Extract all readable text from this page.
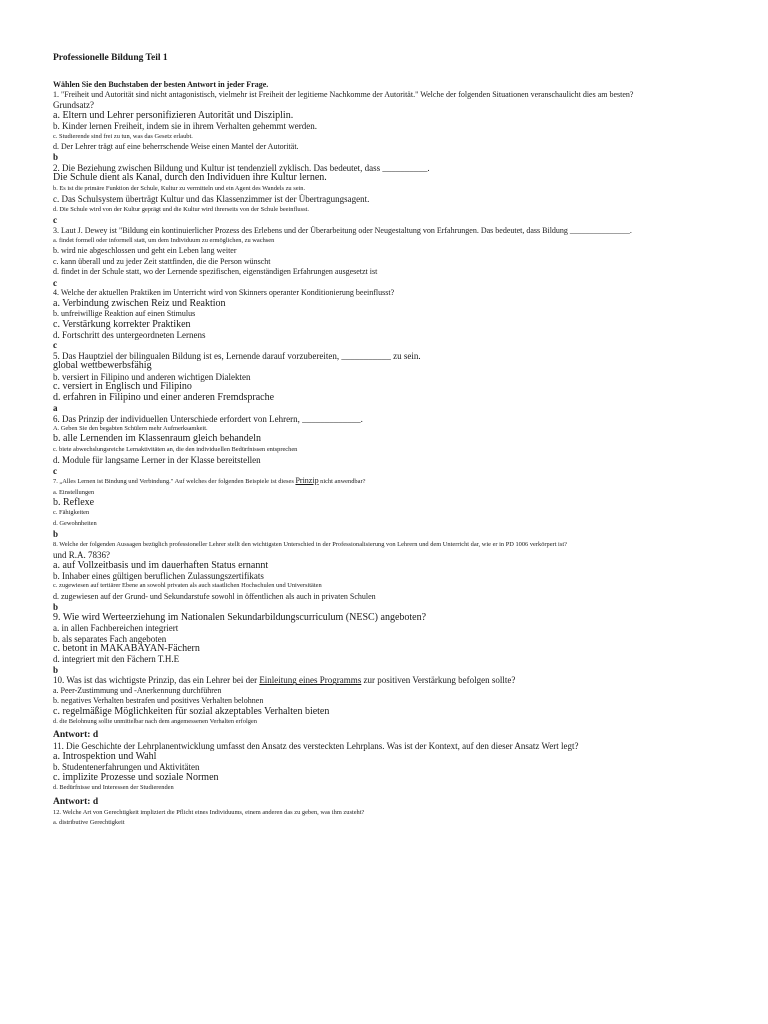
Professionelle Bildung Teil 1
Wählen Sie den Buchstaben der besten Antwort in jeder Frage.
1. "Freiheit und Autorität sind nicht antagonistisch, vielmehr ist Freiheit der legitieme Nachkomme der Autorität." Welche der folgenden Situationen veranschaulicht dies am besten?
Grundsatz?
a. Eltern und Lehrer personifizieren Autorität und Disziplin.
b. Kinder lernen Freiheit, indem sie in ihrem Verhalten gehemmt werden.
c. Studierende sind frei zu tun, was das Gesetz erlaubt.
d. Der Lehrer trägt auf eine beherrschende Weise einen Mantel der Autorität.
b
2. Die Beziehung zwischen Bildung und Kultur ist tendenziell zyklisch. Das bedeutet, dass __________.
Die Schule dient als Kanal, durch den Individuen ihre Kultur lernen.
b. Es ist die primäre Funktion der Schule, Kultur zu vermitteln und ein Agent des Wandels zu sein.
c. Das Schulsystem überträgt Kultur und das Klassenzimmer ist der Übertragungsagent.
d. Die Schule wird von der Kultur geprägt und die Kultur wird ihrerseits von der Schule beeinflusst.
c
3. Laut J. Dewey ist "Bildung ein kontinuierlicher Prozess des Erlebens und der Überarbeitung oder Neugestaltung von Erfahrungen. Das bedeutet, dass Bildung _______________.
a. findet formell oder informell statt, um dem Individuum zu ermöglichen, zu wachsen
b. wird nie abgeschlossen und geht ein Leben lang weiter
c. kann überall und zu jeder Zeit stattfinden, die die Person wünscht
d. findet in der Schule statt, wo der Lernende spezifischen, eigenständigen Erfahrungen ausgesetzt ist
c
4. Welche der aktuellen Praktiken im Unterricht wird von Skinners operanter Konditionierung beeinflusst?
a. Verbindung zwischen Reiz und Reaktion
b. unfreiwillige Reaktion auf einen Stimulus
c. Verstärkung korrekter Praktiken
d. Fortschritt des untergeordneten Lernens
c
5. Das Hauptziel der bilingualen Bildung ist es, Lernende darauf vorzubereiten, ___________ zu sein.
global wettbewerbsfähig
b. versiert in Filipino und anderen wichtigen Dialekten
c. versiert in Englisch und Filipino
d. erfahren in Filipino und einer anderen Fremdsprache
a
6. Das Prinzip der individuellen Unterschiede erfordert von Lehrern, _____________.
A. Geben Sie den begabten Schülern mehr Aufmerksamkeit.
b. alle Lernenden im Klassenraum gleich behandeln
c. biete abwechslungsreiche Lernaktivitäten an, die den individuellen Bedürfnissen entsprechen
d. Module für langsame Lerner in der Klasse bereitstellen
c
7. „Alles Lernen ist Bindung und Verbindung." Auf welches der folgenden Beispiele ist dieses Prinzip nicht anwendbar?
a. Einstellungen
b. Reflexe
c. Fähigkeiten
d. Gewohnheiten
b
8. Welche der folgenden Aussagen bezüglich professioneller Lehrer stellt den wichtigsten Unterschied in der Professionalisierung von Lehrern und dem Unterricht dar, wie er in PD 1006 verkörpert ist?
und R.A. 7836?
a. auf Vollzeitbasis und im dauerhaften Status ernannt
b. Inhaber eines gültigen beruflichen Zulassungszertifikats
c. zugewiesen auf tertiärer Ebene an sowohl privaten als auch staatlichen Hochschulen und Universitäten
d. zugewiesen auf der Grund- und Sekundarstufe sowohl in öffentlichen als auch in privaten Schulen
b
9. Wie wird Werteerziehung im Nationalen Sekundarbildungscurriculum (NESC) angeboten?
a. in allen Fachbereichen integriert
b. als separates Fach angeboten
c. betont in MAKABAYAN-Fächern
d. integriert mit den Fächern T.H.E
b
10. Was ist das wichtigste Prinzip, das ein Lehrer bei der Einleitung eines Programms zur positiven Verstärkung befolgen sollte?
a. Peer-Zustimmung und -Anerkennung durchführen
b. negatives Verhalten bestrafen und positives Verhalten belohnen
c. regelmäßige Möglichkeiten für sozial akzeptables Verhalten bieten
d. die Belohnung sollte unmittelbar nach dem angemessenen Verhalten erfolgen
Antwort: d
11. Die Geschichte der Lehrplanentwicklung umfasst den Ansatz des versteckten Lehrplans. Was ist der Kontext, auf den dieser Ansatz Wert legt?
a. Introspektion und Wahl
b. Studentenerfahrungen und Aktivitäten
c. implizite Prozesse und soziale Normen
d. Bedürfnisse und Interessen der Studierenden
Antwort: d
12. Welche Art von Gerechtigkeit impliziert die Pflicht eines Individuums, einem anderen das zu geben, was ihm zusteht?
a. distributive Gerechtigkeit
